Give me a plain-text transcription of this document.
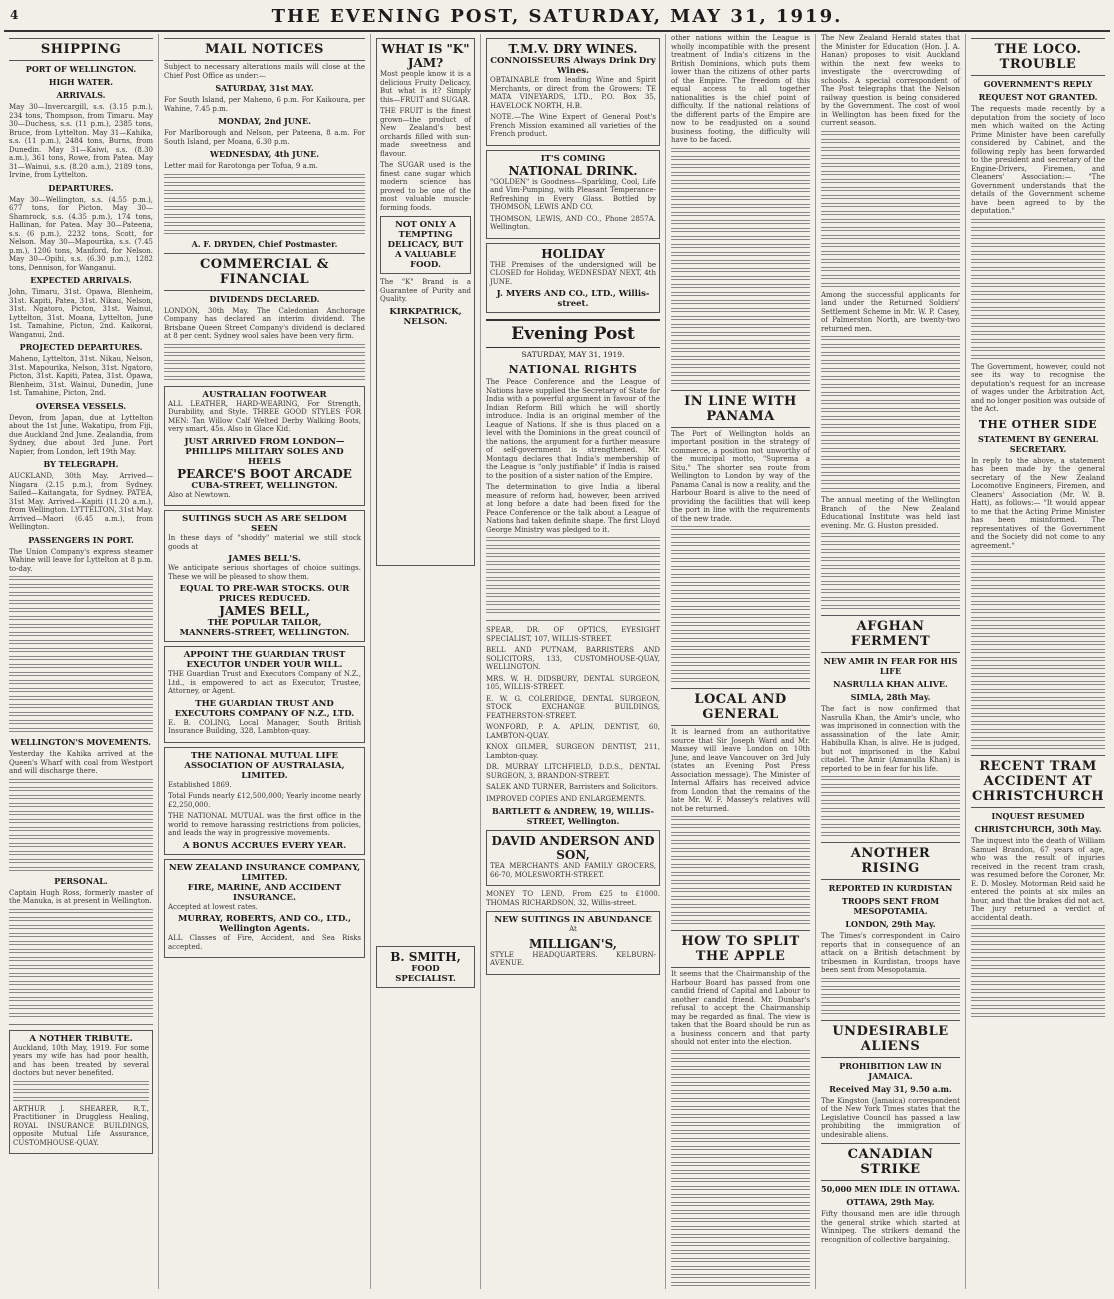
4	THE EVENING POST, SATURDAY, MAY 31, 1919.
SHIPPING
PORT OF WELLINGTON.
HIGH WATER.
ARRIVALS.

May 30—Invercargill, s.s. (3.15 p.m.), 234 tons, Thompson, from Timaru. May 30—Duchess, s.s. (11 p.m.), 2385 tons, Bruce, from Lyttelton. May 31—Kahika, s.s. (11 p.m.), 2484 tons, Burns, from Dunedin. May 31—Kaiwi, s.s. (8.30 a.m.), 361 tons, Rowe, from Patea. May 31—Wainui, s.s. (8.20 a.m.), 2189 tons, Irvine, from Lyttelton.

DEPARTURES.

May 30—Wellington, s.s. (4.55 p.m.), 677 tons, for Picton. May 30—Shamrock, s.s. (4.35 p.m.), 174 tons, Hallinan, for Patea. May 30—Pateena, s.s. (6 p.m.), 2232 tons, Scott, for Nelson. May 30—Mapourika, s.s. (7.45 p.m.), 1206 tons, Manford, for Nelson. May 30—Opihi, s.s. (6.30 p.m.), 1282 tons, Dennison, for Wanganui.

EXPECTED ARRIVALS.

John, Timaru, 31st. Opawa, Blenheim, 31st. Kapiti, Patea, 31st. Nikau, Nelson, 31st. Ngatoro, Picton, 31st. Wainui, Lyttelton, 31st. Moana, Lyttelton, June 1st. Tamahine, Picton, 2nd. Kaikorai, Wanganui, 2nd.

PROJECTED DEPARTURES.

Maheno, Lyttelton, 31st. Nikau, Nelson, 31st. Mapourika, Nelson, 31st. Ngatoro, Picton, 31st. Kapiti, Patea, 31st. Opawa, Blenheim, 31st. Wainui, Dunedin, June 1st. Tamahine, Picton, 2nd.

OVERSEA VESSELS.

Devon, from Japan, due at Lyttelton about the 1st June. Wakatipu, from Fiji, due Auckland 2nd June. Zealandia, from Sydney, due about 3rd June. Port Napier, from London, left 19th May.

BY TELEGRAPH.

AUCKLAND, 30th May. Arrived—Niagara (2.15 p.m.), from Sydney. Sailed—Kaitangata, for Sydney. PATEA, 31st May. Arrived—Kapiti (11.20 a.m.), from Wellington. LYTTELTON, 31st May. Arrived—Maori (6.45 a.m.), from Wellington.

PASSENGERS IN PORT.

The Union Company's express steamer Wahine will leave for Lyttelton at 8 p.m. to-day.

WELLINGTON'S MOVEMENTS.

Yesterday the Kahika arrived at the Queen's Wharf with coal from Westport and will discharge there.

PERSONAL.

Captain Hugh Ross, formerly master of the Manuka, is at present in Wellington.

A NOTHER TRIBUTE.

Auckland, 10th May, 1919. For some years my wife has had poor health, and has been treated by several doctors but never benefited.

ARTHUR J. SHEARER, R.T., Practitioner in Druggless Healing, ROYAL INSURANCE BUILDINGS, opposite Mutual Life Assurance, CUSTOMHOUSE-QUAY.

MAIL NOTICES

Subject to necessary alterations mails will close at the Chief Post Office as under:—

SATURDAY, 31st MAY.

For South Island, per Maheno, 6 p.m. For Kaikoura, per Wahine, 7.45 p.m.

MONDAY, 2nd JUNE.

For Marlborough and Nelson, per Pateena, 8 a.m. For South Island, per Moana, 6.30 p.m.

WEDNESDAY, 4th JUNE.

Letter mail for Rarotonga per Tofua, 9 a.m.

A. F. DRYDEN, Chief Postmaster.
COMMERCIAL & FINANCIAL
DIVIDENDS DECLARED.

LONDON, 30th May. The Caledonian Anchorage Company has declared an interim dividend. The Brisbane Queen Street Company's dividend is declared at 8 per cent. Sydney wool sales have been very firm.

AUSTRALIAN FOOTWEAR

ALL LEATHER, HARD-WEARING, For Strength, Durability, and Style. THREE GOOD STYLES FOR MEN: Tan Willow Calf Welted Derby Walking Boots, very smart, 45s. Also in Glace Kid.

JUST ARRIVED FROM LONDON—PHILLIPS MILITARY SOLES AND HEELS
PEARCE'S BOOT ARCADE
CUBA-STREET, WELLINGTON.

Also at Newtown.

SUITINGS SUCH AS ARE SELDOM SEEN

In these days of "shoddy" material we still stock goods at

JAMES BELL'S.

We anticipate serious shortages of choice suitings. These we will be pleased to show them.

EQUAL TO PRE-WAR STOCKS. OUR PRICES REDUCED.
JAMES BELL,
THE POPULAR TAILOR,
MANNERS-STREET, WELLINGTON.
APPOINT THE GUARDIAN TRUST EXECUTOR UNDER YOUR WILL.

THE Guardian Trust and Executors Company of N.Z., Ltd., is empowered to act as Executor, Trustee, Attorney, or Agent.

THE GUARDIAN TRUST AND EXECUTORS COMPANY OF N.Z., LTD.

E. B. COLING, Local Manager, South British Insurance Building, 328, Lambton-quay.

THE NATIONAL MUTUAL LIFE ASSOCIATION OF AUSTRALASIA, LIMITED.

Established 1869.

Total Funds nearly £12,500,000; Yearly income nearly £2,250,000.

THE NATIONAL MUTUAL was the first office in the world to remove harassing restrictions from policies, and leads the way in progressive movements.

A BONUS ACCRUES EVERY YEAR.
NEW ZEALAND INSURANCE COMPANY, LIMITED.
FIRE, MARINE, AND ACCIDENT INSURANCE.

Accepted at lowest rates.

MURRAY, ROBERTS, AND CO., LTD., Wellington Agents.

ALL Classes of Fire, Accident, and Sea Risks accepted.

WHAT IS "K" JAM?

Most people know it is a delicious Fruity Delicacy. But what is it? Simply this—FRUIT and SUGAR.

THE FRUIT is the finest grown—the product of New Zealand's best orchards filled with sun-made sweetness and flavour.

The SUGAR used is the finest cane sugar which modern science has proved to be one of the most valuable muscle-forming foods.

NOT ONLY A TEMPTING DELICACY, BUT A VALUABLE FOOD.

The "K" Brand is a Guarantee of Purity and Quality.

KIRKPATRICK, NELSON.
B. SMITH,
FOOD SPECIALIST.
T.M.V. DRY WINES.
CONNOISSEURS Always Drink Dry Wines.

OBTAINABLE from leading Wine and Spirit Merchants, or direct from the Growers: TE MATA VINEYARDS, LTD., P.O. Box 35, HAVELOCK NORTH, H.B.

NOTE.—The Wine Expert of General Post's French Mission examined all varieties of the French product.

IT'S COMING
NATIONAL DRINK.

"GOLDEN" is Goodness—Sparkling, Cool, Life and Vim-Pumping, with Pleasant Temperance-Refreshing in Every Glass. Bottled by THOMSON, LEWIS AND CO.

THOMSON, LEWIS, AND CO., Phone 2857A. Wellington.

HOLIDAY

THE Premises of the undersigned will be CLOSED for Holiday, WEDNESDAY NEXT, 4th JUNE.

J. MYERS AND CO., LTD., Willis-street.
Evening Post
SATURDAY, MAY 31, 1919.
NATIONAL RIGHTS

The Peace Conference and the League of Nations have supplied the Secretary of State for India with a powerful argument in favour of the Indian Reform Bill which he will shortly introduce. India is an original member of the League of Nations. If she is thus placed on a level with the Dominions in the great council of the nations, the argument for a further measure of self-government is strengthened. Mr. Montagu declares that India's membership of the League is "only justifiable" if India is raised to the position of a sister nation of the Empire.

The determination to give India a liberal measure of reform had, however, been arrived at long before a date had been fixed for the Peace Conference or the talk about a League of Nations had taken definite shape. The first Lloyd George Ministry was pledged to it.

SPEAR, DR. OF OPTICS, EYESIGHT SPECIALIST, 107, WILLIS-STREET.

BELL AND PUTNAM, BARRISTERS AND SOLICITORS, 133, CUSTOMHOUSE-QUAY, WELLINGTON.

MRS. W. H. DIDSBURY, DENTAL SURGEON, 105, WILLIS-STREET.

E. W. G. COLERIDGE, DENTAL SURGEON, STOCK EXCHANGE BUILDINGS, FEATHERSTON-STREET.

WONFORD, P. A. APLIN, DENTIST, 60, LAMBTON-QUAY.

KNOX GILMER, SURGEON DENTIST, 211, Lambton-quay.

DR. MURRAY LITCHFIELD, D.D.S., DENTAL SURGEON, 3, BRANDON-STREET.

SALEK AND TURNER, Barristers and Solicitors.

IMPROVED COPIES AND ENLARGEMENTS.

BARTLETT & ANDREW, 19, WILLIS-STREET, Wellington.
DAVID ANDERSON AND SON,

TEA MERCHANTS AND FAMILY GROCERS, 66-70, MOLESWORTH-STREET.

MONEY TO LEND, From £25 to £1000. THOMAS RICHARDSON, 32, Willis-street.

NEW SUITINGS IN ABUNDANCE

At

MILLIGAN'S,

STYLE HEADQUARTERS. KELBURN-AVENUE.

other nations within the League is wholly incompatible with the present treatment of India's citizens in the British Dominions, which puts them lower than the citizens of other parts of the Empire. The freedom of this equal access to all together nationalities is the chief point of difficulty. If the national relations of the different parts of the Empire are now to be readjusted on a sound business footing, the difficulty will have to be faced.

IN LINE WITH PANAMA

The Port of Wellington holds an important position in the strategy of commerce, a position not unworthy of the municipal motto, "Suprema a Situ." The shorter sea route from Wellington to London by way of the Panama Canal is now a reality, and the Harbour Board is alive to the need of providing the facilities that will keep the port in line with the requirements of the new trade.

LOCAL AND GENERAL

It is learned from an authoritative source that Sir Joseph Ward and Mr. Massey will leave London on 10th June, and leave Vancouver on 3rd July (states an Evening Post Press Association message). The Minister of Internal Affairs has received advice from London that the remains of the late Mr. W. F. Massey's relatives will not be returned.

HOW TO SPLIT THE APPLE

It seems that the Chairmanship of the Harbour Board has passed from one candid friend of Capital and Labour to another candid friend. Mr. Dunbar's refusal to accept the Chairmanship may be regarded as final. The view is taken that the Board should be run as a business concern and that party should not enter into the election.

The New Zealand Herald states that the Minister for Education (Hon. J. A. Hanan) proposes to visit Auckland within the next few weeks to investigate the overcrowding of schools. A special correspondent of The Post telegraphs that the Nelson railway question is being considered by the Government. The cost of wool in Wellington has been fixed for the current season.

Among the successful applicants for land under the Returned Soldiers' Settlement Scheme in Mr. W. P. Casey, of Palmerston North, are twenty-two returned men.

The annual meeting of the Wellington Branch of the New Zealand Educational Institute was held last evening. Mr. G. Huston presided.

AFGHAN FERMENT
NEW AMIR IN FEAR FOR HIS LIFE
NASRULLA KHAN ALIVE.
SIMLA, 28th May.

The fact is now confirmed that Nasrulla Khan, the Amir's uncle, who was imprisoned in connection with the assassination of the late Amir, Habibulla Khan, is alive. He is judged, but not imprisoned in the Kabul citadel. The Amir (Amanulla Khan) is reported to be in fear for his life.

ANOTHER RISING
REPORTED IN KURDISTAN
TROOPS SENT FROM MESOPOTAMIA.
LONDON, 29th May.

The Times's correspondent in Cairo reports that in consequence of an attack on a British detachment by tribesmen in Kurdistan, troops have been sent from Mesopotamia.

UNDESIRABLE ALIENS
PROHIBITION LAW IN JAMAICA.
Received May 31, 9.50 a.m.

The Kingston (Jamaica) correspondent of the New York Times states that the Legislative Council has passed a law prohibiting the immigration of undesirable aliens.

CANADIAN STRIKE
50,000 MEN IDLE IN OTTAWA.
OTTAWA, 29th May.

Fifty thousand men are idle through the general strike which started at Winnipeg. The strikers demand the recognition of collective bargaining.

THE LOCO. TROUBLE
GOVERNMENT'S REPLY
REQUEST NOT GRANTED.

The requests made recently by a deputation from the society of loco men which waited on the Acting Prime Minister have been carefully considered by Cabinet, and the following reply has been forwarded to the president and secretary of the Engine-Drivers, Firemen, and Cleaners' Association:— "The Government understands that the details of the Government scheme have been agreed to by the deputation."

The Government, however, could not see its way to recognise the deputation's request for an increase of wages under the Arbitration Act, and no longer position was outside of the Act.

THE OTHER SIDE
STATEMENT BY GENERAL SECRETARY.

In reply to the above, a statement has been made by the general secretary of the New Zealand Locomotive Engineers, Firemen, and Cleaners' Association (Mr. W. B. Hatt), as follows:— "It would appear to me that the Acting Prime Minister has been misinformed. The representatives of the Government and the Society did not come to any agreement."

RECENT TRAM ACCIDENT AT CHRISTCHURCH
INQUEST RESUMED
CHRISTCHURCH, 30th May.

The inquest into the death of William Samuel Brandon, 67 years of age, who was the result of injuries received in the recent tram crash, was resumed before the Coroner, Mr. E. D. Mosley. Motorman Reid said he entered the points at six miles an hour, and that the brakes did not act. The jury returned a verdict of accidental death.
